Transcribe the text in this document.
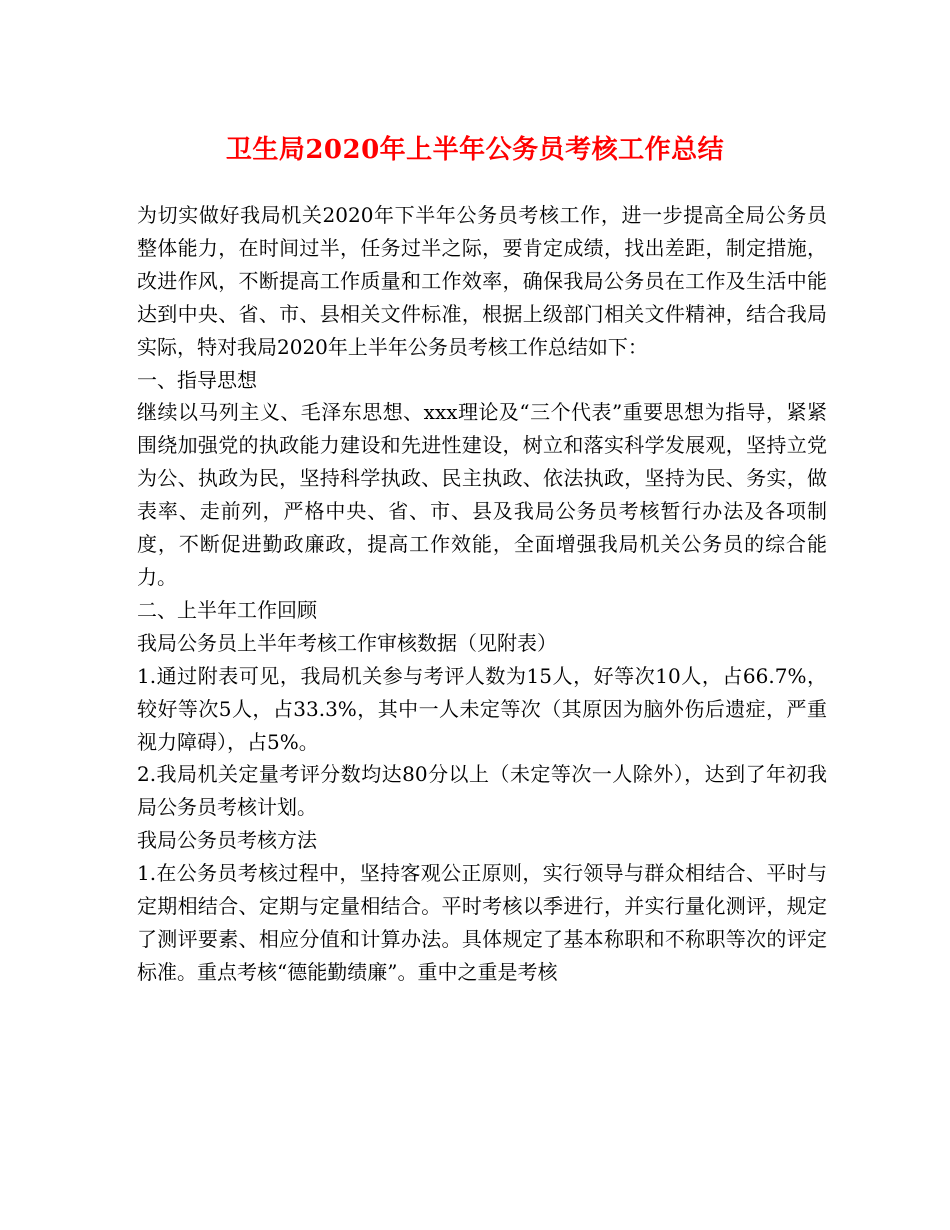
卫生局2020年上半年公务员考核工作总结

为切实做好我局机关2020年下半年公务员考核工作，进一步提高全局公务员整体能力，在时间过半，任务过半之际，要肯定成绩，找出差距，制定措施，改进作风，不断提高工作质量和工作效率，确保我局公务员在工作及生活中能达到中央、省、市、县相关文件标准，根据上级部门相关文件精神，结合我局实际，特对我局2020年上半年公务员考核工作总结如下：

一、指导思想

继续以马列主义、毛泽东思想、xxx理论及“三个代表”重要思想为指导，紧紧围绕加强党的执政能力建设和先进性建设，树立和落实科学发展观，坚持立党为公、执政为民，坚持科学执政、民主执政、依法执政，坚持为民、务实，做表率、走前列，严格中央、省、市、县及我局公务员考核暂行办法及各项制度，不断促进勤政廉政，提高工作效能，全面增强我局机关公务员的综合能力。

二、上半年工作回顾

我局公务员上半年考核工作审核数据（见附表）

1.通过附表可见，我局机关参与考评人数为15人，好等次10人，占66.7%，较好等次5人，占33.3%，其中一人未定等次（其原因为脑外伤后遗症，严重视力障碍），占5%。

2.我局机关定量考评分数均达80分以上（未定等次一人除外），达到了年初我局公务员考核计划。

我局公务员考核方法

1.在公务员考核过程中，坚持客观公正原则，实行领导与群众相结合、平时与定期相结合、定期与定量相结合。平时考核以季进行，并实行量化测评，规定了测评要素、相应分值和计算办法。具体规定了基本称职和不称职等次的评定标准。重点考核“德能勤绩廉”。重中之重是考核
